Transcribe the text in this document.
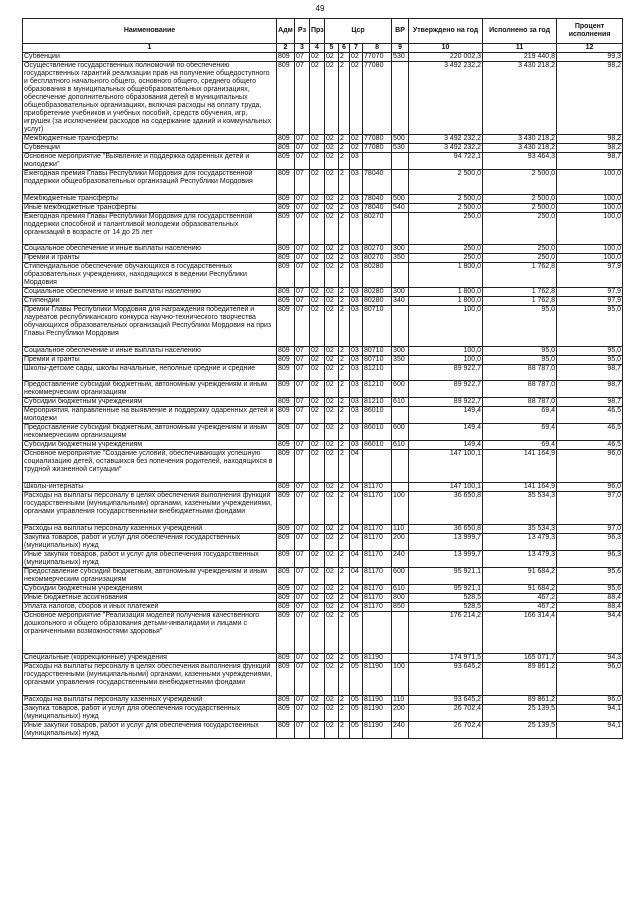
49
Наименование	Адм	Рз	Прз	Цср				ВР	Утверждено на год	Исполнено за год	Процент исполнения
1	2	3	4	5	6	7	8	9	10	11	12
Субвенции	809	07	02	02	2	02	77070	530	220 002,3	219 440,8	99,3
Осуществление государственных полномочий по обеспечению государственных гарантий реализации прав на получение общедоступного и бесплатного начального общего, основного общего, среднего общего образования в муниципальных общеобразовательных организациях, обеспечение дополнительного образования детей в муниципальных общеобразовательных организациях, включая расходы на оплату труда, приобретение учебников и учебных пособий, средств обучения, игр, игрушек (за исключением расходов на содержание зданий и коммунальных услуг)	809	07	02	02	2	02	77080		3 492 232,2	3 430 218,2	98,2
Межбюджетные трансферты	809	07	02	02	2	02	77080	500	3 492 232,2	3 430 218,2	98,2
Субвенции	809	07	02	02	2	02	77080	530	3 492 232,2	3 430 218,2	98,2
Основное мероприятие "Выявление и поддержка одаренных детей и молодежи"	809	07	02	02	2	03			94 722,1	93 464,3	98,7
Ежегодная премия Главы Республики Мордовия для государственной поддержки общеобразовательных организаций Республики Мордовия	809	07	02	02	2	03	78040		2 500,0	2 500,0	100,0
Межбюджетные трансферты	809	07	02	02	2	03	78040	500	2 500,0	2 500,0	100,0
Иные межбюджетные трансферты	809	07	02	02	2	03	78040	540	2 500,0	2 500,0	100,0
Ежегодная премия Главы Республики Мордовия для государственной поддержки способной и талантливой молодежи образовательных организаций в возрасте от 14 до 25 лет	809	07	02	02	2	03	80270		250,0	250,0	100,0
Социальное обеспечение и иные выплаты населению	809	07	02	02	2	03	80270	300	250,0	250,0	100,0
Премии и гранты	809	07	02	02	2	03	80270	350	250,0	250,0	100,0
Стипендиальное обеспечение обучающихся в государственных образовательных учреждениях, находящихся в ведении Республики Мордовия	809	07	02	02	2	03	80280		1 800,0	1 762,8	97,9
Социальное обеспечение и иные выплаты населению	809	07	02	02	2	03	80280	300	1 800,0	1 762,8	97,9
Стипендии	809	07	02	02	2	03	80280	340	1 800,0	1 762,8	97,9
Премии Главы Республики Мордовия для награждения победителей и лауреатов республиканского конкурса научно-технического творчества обучающихся образовательных организаций Республики Мордовия на приз Главы Республики Мордовия	809	07	02	02	2	03	80710		100,0	95,0	95,0
Социальное обеспечение и иные выплаты населению	809	07	02	02	2	03	80710	300	100,0	95,0	95,0
Премии и гранты	809	07	02	02	2	03	80710	350	100,0	95,0	95,0
Школы-детские сады, школы начальные, неполные средние и средние	809	07	02	02	2	03	81210		89 922,7	88 787,0	98,7
Предоставление субсидий бюджетным, автономным учреждениям и иным некоммерческим организациям	809	07	02	02	2	03	81210	600	89 922,7	88 787,0	98,7
Субсидии бюджетным учреждениям	809	07	02	02	2	03	81210	610	89 922,7	88 787,0	98,7
Мероприятия, направленные на выявление и поддержку одаренных детей и молодежи	809	07	02	02	2	03	86010		149,4	69,4	46,5
Предоставление субсидий бюджетным, автономным учреждениям и иным некоммерческим организациям	809	07	02	02	2	03	86010	600	149,4	69,4	46,5
Субсидии бюджетным учреждениям	809	07	02	02	2	03	86010	610	149,4	69,4	46,5
Основное мероприятие "Создание условий, обеспечивающих успешную социализацию детей, оставшихся без попечения родителей, находящихся в трудной жизненной ситуации"	809	07	02	02	2	04			147 100,1	141 164,9	96,0
Школы-интернаты	809	07	02	02	2	04	81170		147 100,1	141 164,9	96,0
Расходы на выплаты персоналу в целях обеспечения выполнения функций государственными (муниципальными) органами, казенными учреждениями, органами управления государственными внебюджетными фондами	809	07	02	02	2	04	81170	100	36 650,8	35 534,3	97,0
Расходы на выплаты персоналу казенных учреждений	809	07	02	02	2	04	81170	110	36 650,8	35 534,3	97,0
Закупка товаров, работ и услуг для обеспечения государственных (муниципальных) нужд	809	07	02	02	2	04	81170	200	13 999,7	13 479,3	96,3
Иные закупки товаров, работ и услуг для обеспечения государственных (муниципальных) нужд	809	07	02	02	2	04	81170	240	13 999,7	13 479,3	96,3
Предоставление субсидий бюджетным, автономным учреждениям и иным некоммерческим организациям	809	07	02	02	2	04	81170	600	95 921,1	91 684,2	95,6
Субсидии бюджетным учреждениям	809	07	02	02	2	04	81170	610	95 921,1	91 684,2	95,6
Иные бюджетные ассигнования	809	07	02	02	2	04	81170	800	528,5	467,2	88,4
Уплата налогов, сборов и иных платежей	809	07	02	02	2	04	81170	850	528,5	467,2	88,4
Основное мероприятие "Реализация моделей получения качественного дошкольного и общего образования детьми-инвалидами и лицами с ограниченными возможностями здоровья"	809	07	02	02	2	05			176 214,2	166 314,4	94,4
Специальные (коррекционные) учреждения	809	07	02	02	2	05	81190		174 971,5	165 071,7	94,3
Расходы на выплаты персоналу в целях обеспечения выполнения функций государственными (муниципальными) органами, казенными учреждениями, органами управления государственными внебюджетными фондами	809	07	02	02	2	05	81190	100	93 645,2	89 861,2	96,0
Расходы на выплаты персоналу казенных учреждений	809	07	02	02	2	05	81190	110	93 645,2	89 861,2	96,0
Закупка товаров, работ и услуг для обеспечения государственных (муниципальных) нужд	809	07	02	02	2	05	81190	200	26 702,4	25 139,5	94,1
Иные закупки товаров, работ и услуг для обеспечения государственных (муниципальных) нужд	809	07	02	02	2	05	81190	240	26 702,4	25 139,5	94,1
